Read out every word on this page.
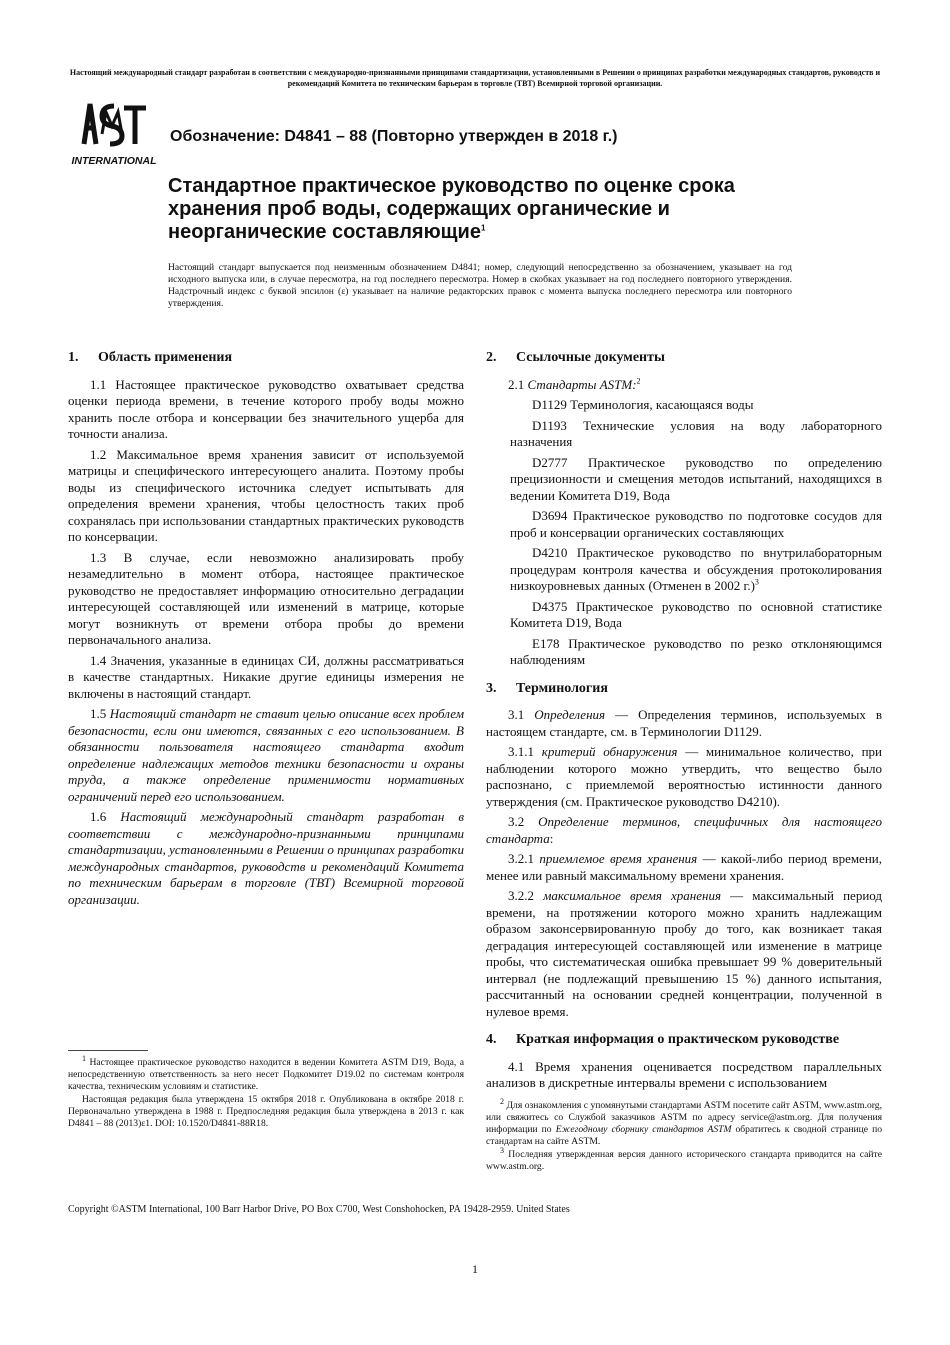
Настоящий международный стандарт разработан в соответствии с международно-признанными принципами стандартизации, установленными в Решении о принципах разработки международных стандартов, руководств и рекомендаций Комитета по техническим барьерам в торговле (ТВТ) Всемирной торговой организации.
INTERNATIONAL
Обозначение: D4841 – 88 (Повторно утвержден в 2018 г.)
Стандартное практическое руководство по оценке срока хранения проб воды, содержащих органические и неорганические составляющие$^1$
Настоящий стандарт выпускается под неизменным обозначением D4841; номер, следующий непосредственно за обозначением, указывает на год исходного выпуска или, в случае пересмотра, на год последнего пересмотра. Номер в скобках указывает на год последнего повторного утверждения. Надстрочный индекс с буквой эпсилон (ε) указывает на наличие редакторских правок с момента выпуска последнего пересмотра или повторного утверждения.
1. Область применения

1.1 Настоящее практическое руководство охватывает средства оценки периода времени, в течение которого пробу воды можно хранить после отбора и консервации без значительного ущерба для точности анализа.

1.2 Максимальное время хранения зависит от используемой матрицы и специфического интересующего аналита. Поэтому пробы воды из специфического источника следует испытывать для определения времени хранения, чтобы целостность таких проб сохранялась при использовании стандартных практических руководств по консервации.

1.3 В случае, если невозможно анализировать пробу незамедлительно в момент отбора, настоящее практическое руководство не предоставляет информацию относительно деградации интересующей составляющей или изменений в матрице, которые могут возникнуть от времени отбора пробы до времени первоначального анализа.

1.4 Значения, указанные в единицах СИ, должны рассматриваться в качестве стандартных. Никакие другие единицы измерения не включены в настоящий стандарт.

1.5 Настоящий стандарт не ставит целью описание всех проблем безопасности, если они имеются, связанных с его использованием. В обязанности пользователя настоящего стандарта входит определение надлежащих методов техники безопасности и охраны труда, а также определение применимости нормативных ограничений перед его использованием.

1.6 Настоящий международный стандарт разработан в соответствии с международно-признанными принципами стандартизации, установленными в Решении о принципах разработки международных стандартов, руководств и рекомендаций Комитета по техническим барьерам в торговле (ТВТ) Всемирной торговой организации.

2. Ссылочные документы

2.1 Стандарты ASTM:$^2$

D1129 Терминология, касающаяся воды

D1193 Технические условия на воду лабораторного назначения

D2777 Практическое руководство по определению прецизионности и смещения методов испытаний, находящихся в ведении Комитета D19, Вода

D3694 Практическое руководство по подготовке сосудов для проб и консервации органических составляющих

D4210 Практическое руководство по внутрилабораторным процедурам контроля качества и обсуждения протоколирования низкоуровневых данных (Отменен в 2002 г.)$^3$

D4375 Практическое руководство по основной статистике Комитета D19, Вода

E178 Практическое руководство по резко отклоняющимся наблюдениям

3. Терминология

3.1 Определения — Определения терминов, используемых в настоящем стандарте, см. в Терминологии D1129.

3.1.1 критерий обнаружения — минимальное количество, при наблюдении которого можно утвердить, что вещество было распознано, с приемлемой вероятностью истинности данного утверждения (см. Практическое руководство D4210).

3.2 Определение терминов, специфичных для настоящего стандарта:

3.2.1 приемлемое время хранения — какой-либо период времени, менее или равный максимальному времени хранения.

3.2.2 максимальное время хранения — максимальный период времени, на протяжении которого можно хранить надлежащим образом законсервированную пробу до того, как возникает такая деградация интересующей составляющей или изменение в матрице пробы, что систематическая ошибка превышает 99 % доверительный интервал (не подлежащий превышению 15 %) данного испытания, рассчитанный на основании средней концентрации, полученной в нулевое время.

4. Краткая информация о практическом руководстве

4.1 Время хранения оценивается посредством параллельных анализов в дискретные интервалы времени с использованием

$^1$ Настоящее практическое руководство находится в ведении Комитета ASTM D19, Вода, а непосредственную ответственность за него несет Подкомитет D19.02 по системам контроля качества, техническим условиям и статистике.

Настоящая редакция была утверждена 15 октября 2018 г. Опубликована в октябре 2018 г. Первоначально утверждена в 1988 г. Предпоследняя редакция была утверждена в 2013 г. как D4841 – 88 (2013)ε1. DOI: 10.1520/D4841-88R18.

$^2$ Для ознакомления с упомянутыми стандартами ASTM посетите сайт ASTM, www.astm.org, или свяжитесь со Службой заказчиков ASTM по адресу service@astm.org. Для получения информации по Ежегодному сборнику стандартов ASTM обратитесь к сводной странице по стандартам на сайте ASTM.

$^3$ Последняя утвержденная версия данного исторического стандарта приводится на сайте www.astm.org.

Copyright ©ASTM International, 100 Barr Harbor Drive, PO Box C700, West Conshohocken, PA 19428-2959. United States
1
